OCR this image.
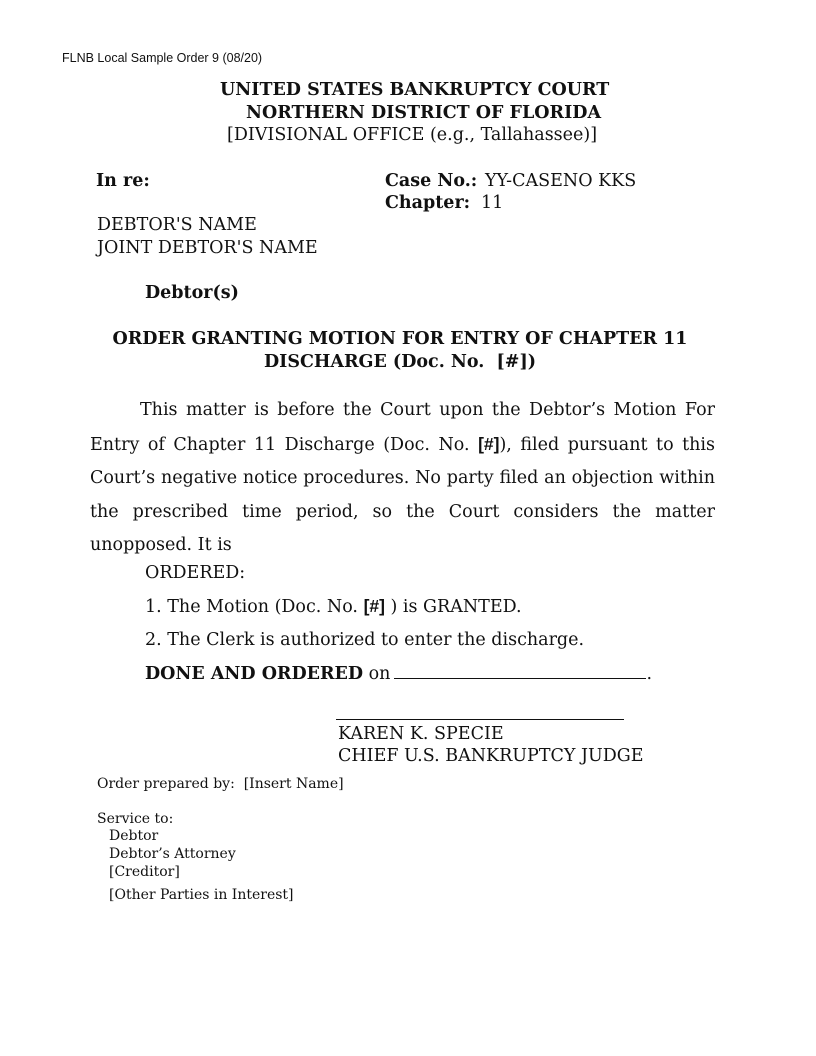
FLNB Local Sample Order 9 (08/20)
UNITED STATES BANKRUPTCY COURT
NORTHERN DISTRICT OF FLORIDA
[DIVISIONAL OFFICE (e.g., Tallahassee)]
In re:	Case No.: YY-CASENO KKS
Chapter: 11
DEBTOR'S NAME
JOINT DEBTOR'S NAME
Debtor(s)
ORDER GRANTING MOTION FOR ENTRY OF CHAPTER 11
DISCHARGE (Doc. No. [#])
This matter is before the Court upon the Debtor’s Motion For Entry of Chapter 11 Discharge (Doc. No. [#]), filed pursuant to this Court’s negative notice procedures. No party filed an objection within the prescribed time period, so the Court considers the matter unopposed. It is
ORDERED:
1. The Motion (Doc. No. [#] ) is GRANTED.
2. The Clerk is authorized to enter the discharge.
DONE AND ORDERED on	.
KAREN K. SPECIE
CHIEF U.S. BANKRUPTCY JUDGE
Order prepared by: [Insert Name]
Service to:
Debtor
Debtor’s Attorney
[Creditor]
[Other Parties in Interest]
